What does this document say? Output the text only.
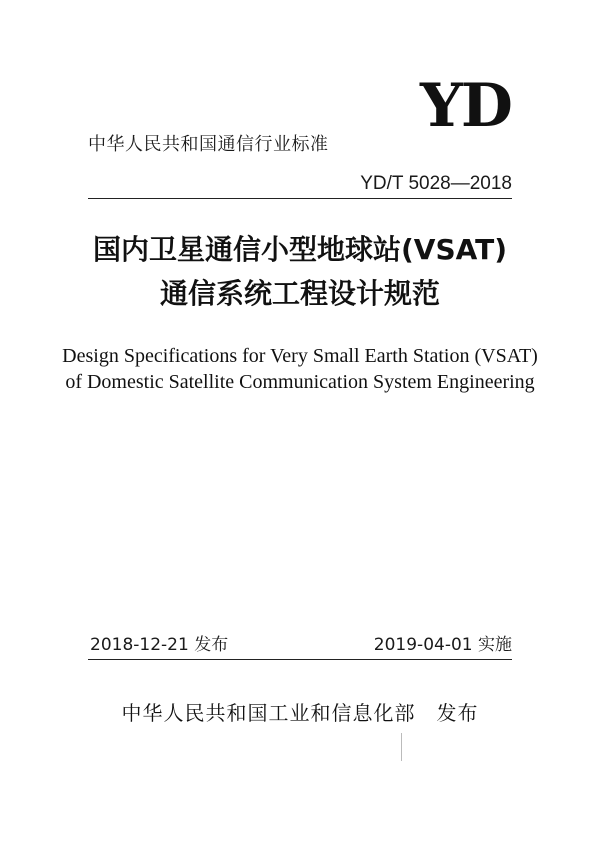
YD
中华人民共和国通信行业标准
YD/T 5028—2018
国内卫星通信小型地球站(VSAT)
通信系统工程设计规范
Design Specifications for Very Small Earth Station (VSAT)
of Domestic Satellite Communication System Engineering
2018-12-21 发布	2019-04-01 实施
中华人民共和国工业和信息化部　发布
